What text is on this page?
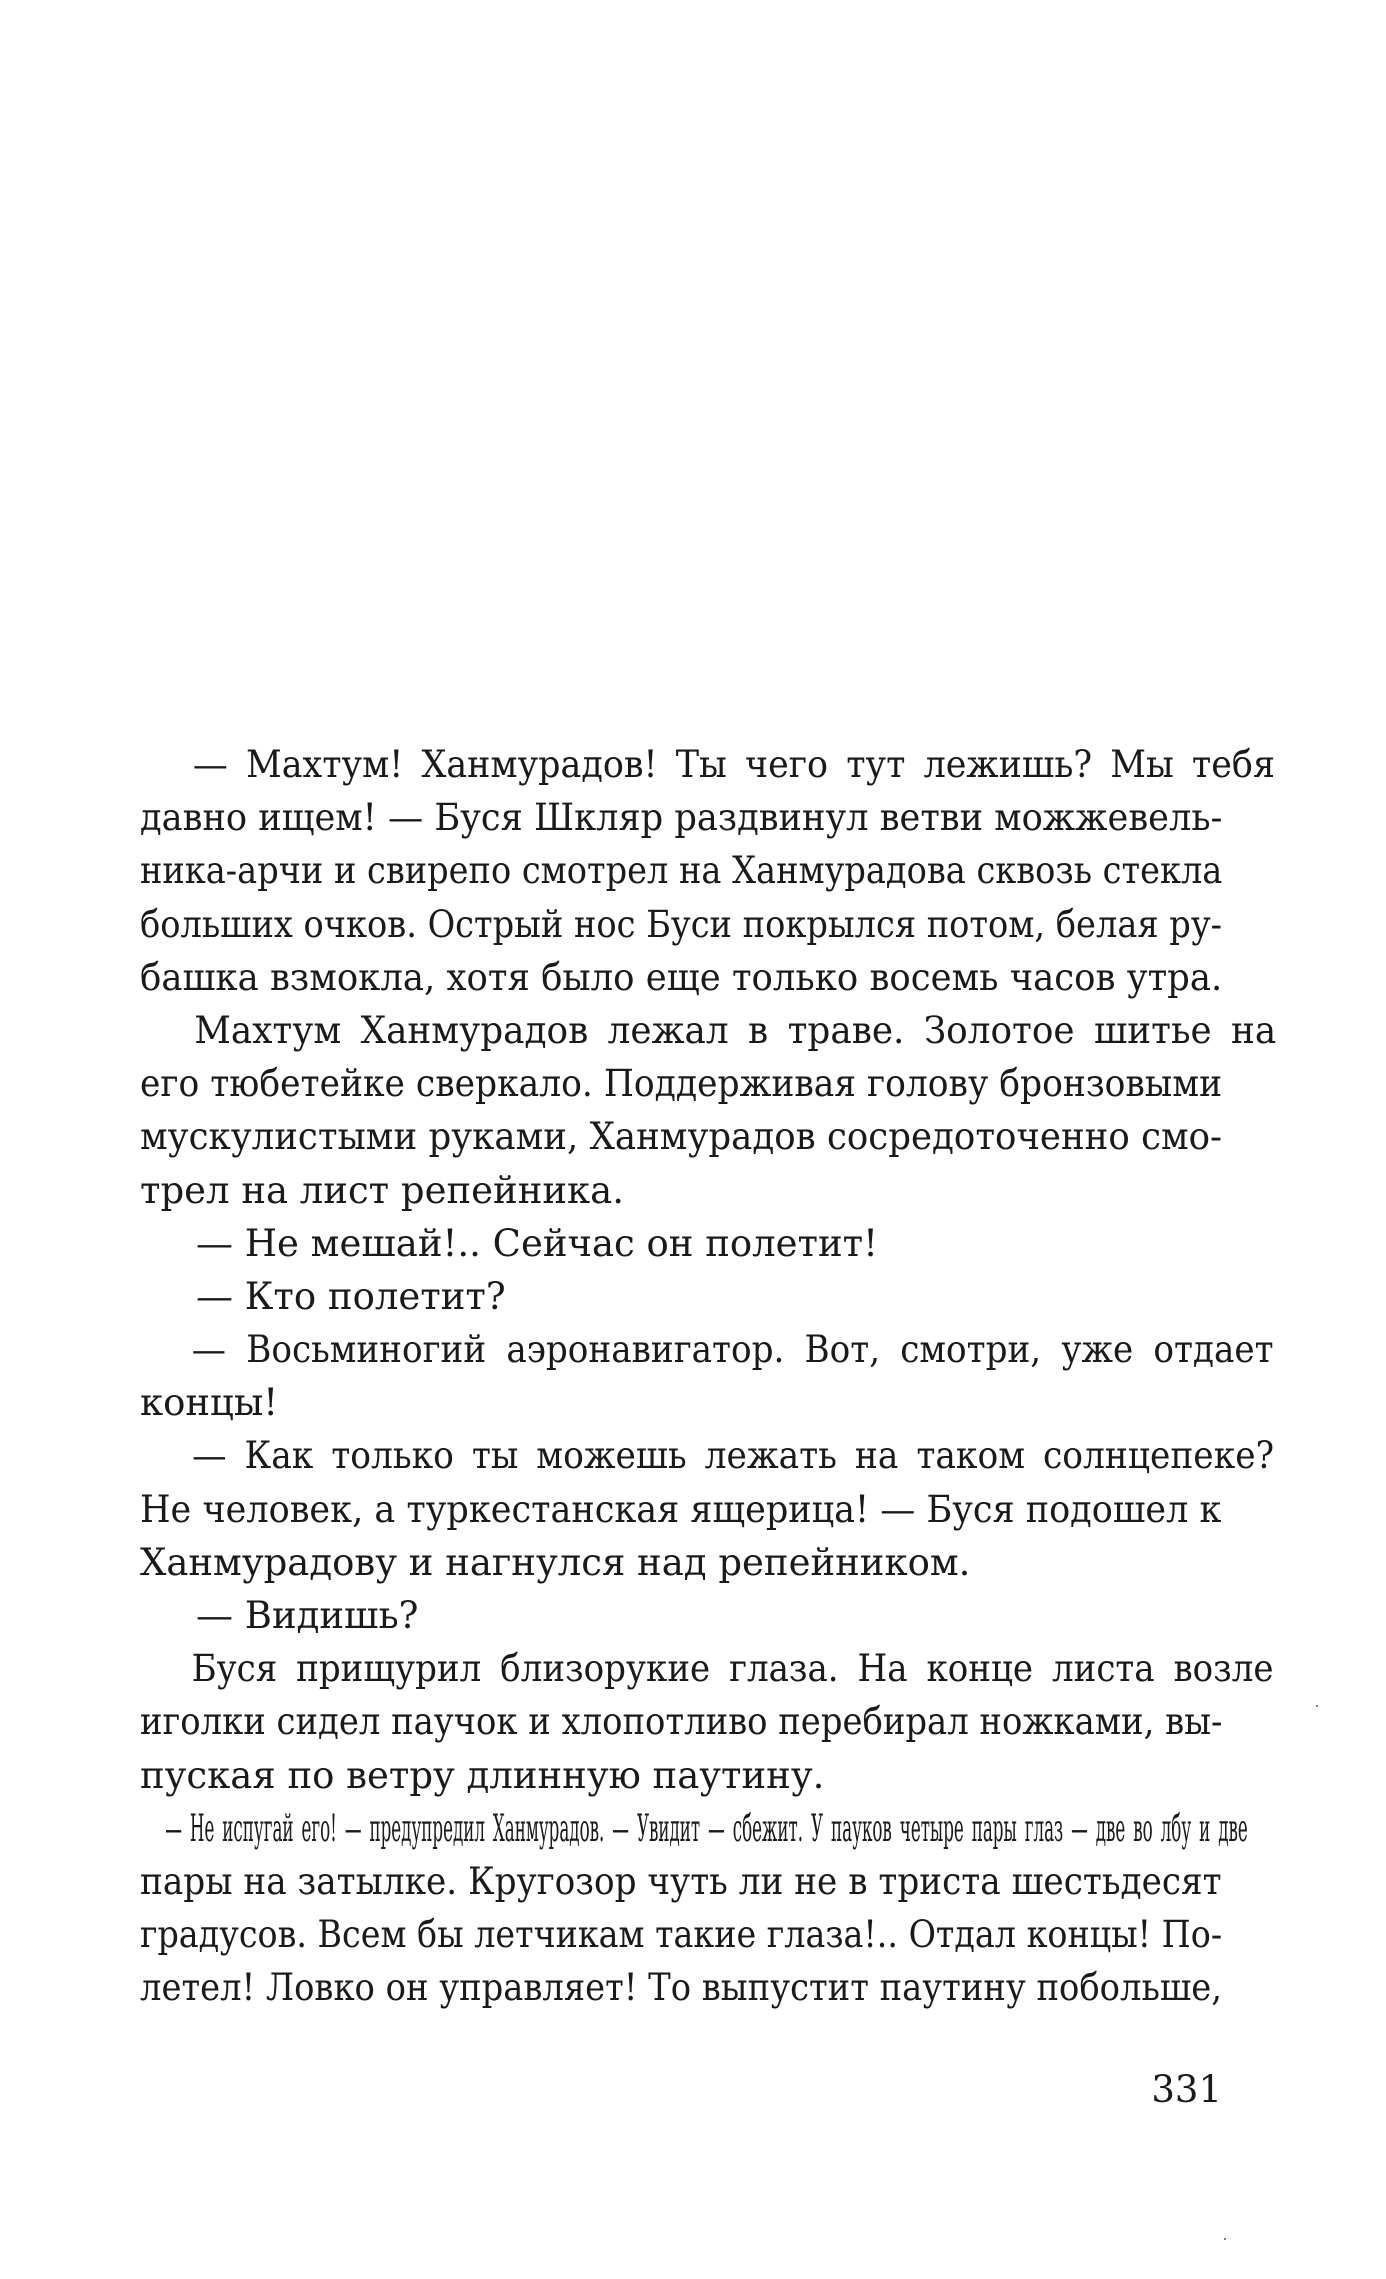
— Махтум! Ханмурадов! Ты чего тут лежишь? Мы тебя
давно ищем! — Буся Шкляр раздвинул ветви можжевель-
ника-арчи и свирепо смотрел на Ханмурадова сквозь стекла
больших очков. Острый нос Буси покрылся потом, белая ру-
башка взмокла, хотя было еще только восемь часов утра.
Махтум Ханмурадов лежал в траве. Золотое шитье на
его тюбетейке сверкало. Поддерживая голову бронзовыми
мускулистыми руками, Ханмурадов сосредоточенно смо-
трел на лист репейника.
— Не мешай!.. Сейчас он полетит!
— Кто полетит?
— Восьминогий аэронавигатор. Вот, смотри, уже отдает
концы!
— Как только ты можешь лежать на таком солнцепеке?
Не человек, а туркестанская ящерица! — Буся подошел к
Ханмурадову и нагнулся над репейником.
— Видишь?
Буся прищурил близорукие глаза. На конце листа возле
иголки сидел паучок и хлопотливо перебирал ножками, вы-
пуская по ветру длинную паутину.
— Не испугай его! — предупредил Ханмурадов. — Увидит — сбежит. У пауков четыре пары глаз — две во лбу и две
пары на затылке. Кругозор чуть ли не в триста шестьдесят
градусов. Всем бы летчикам такие глаза!.. Отдал концы! По-
летел! Ловко он управляет! То выпустит паутину побольше,
331
